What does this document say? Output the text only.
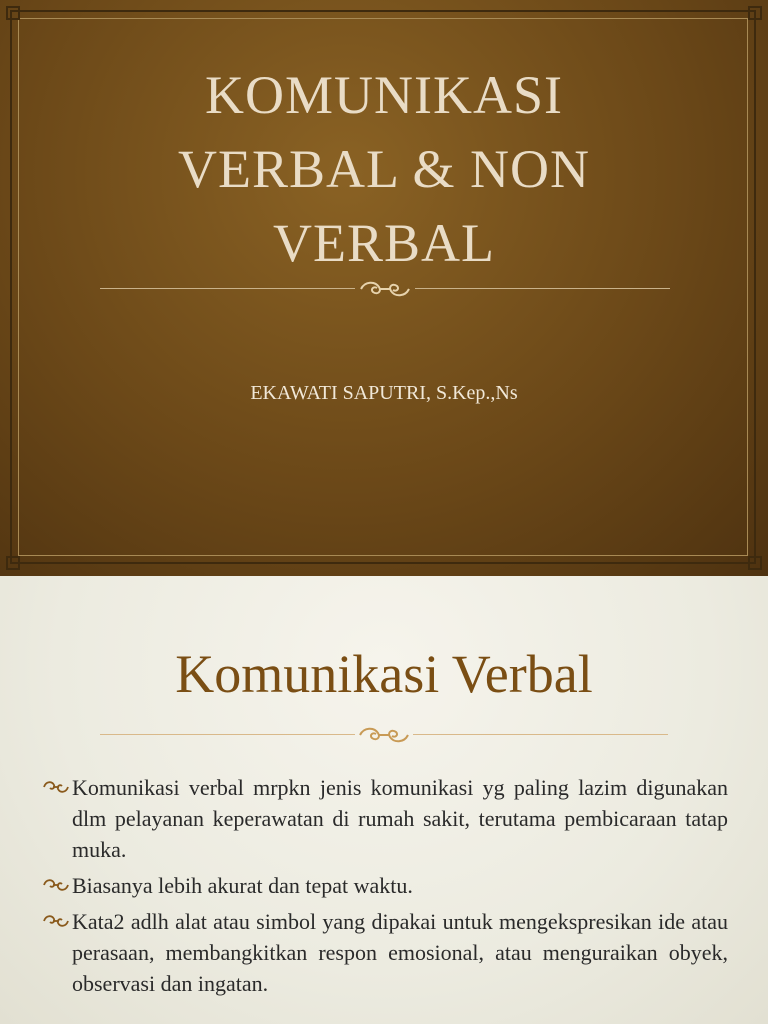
KOMUNIKASI
VERBAL & NON
VERBAL
EKAWATI SAPUTRI, S.Kep.,Ns
Komunikasi Verbal
Komunikasi verbal mrpkn jenis komunikasi yg paling lazim digunakan dlm pelayanan keperawatan di rumah sakit, terutama pembicaraan tatap muka.
Biasanya lebih akurat dan tepat waktu.
Kata2 adlh alat atau simbol yang dipakai untuk mengekspresikan ide atau perasaan, membangkitkan respon emosional, atau menguraikan obyek, observasi dan ingatan.
